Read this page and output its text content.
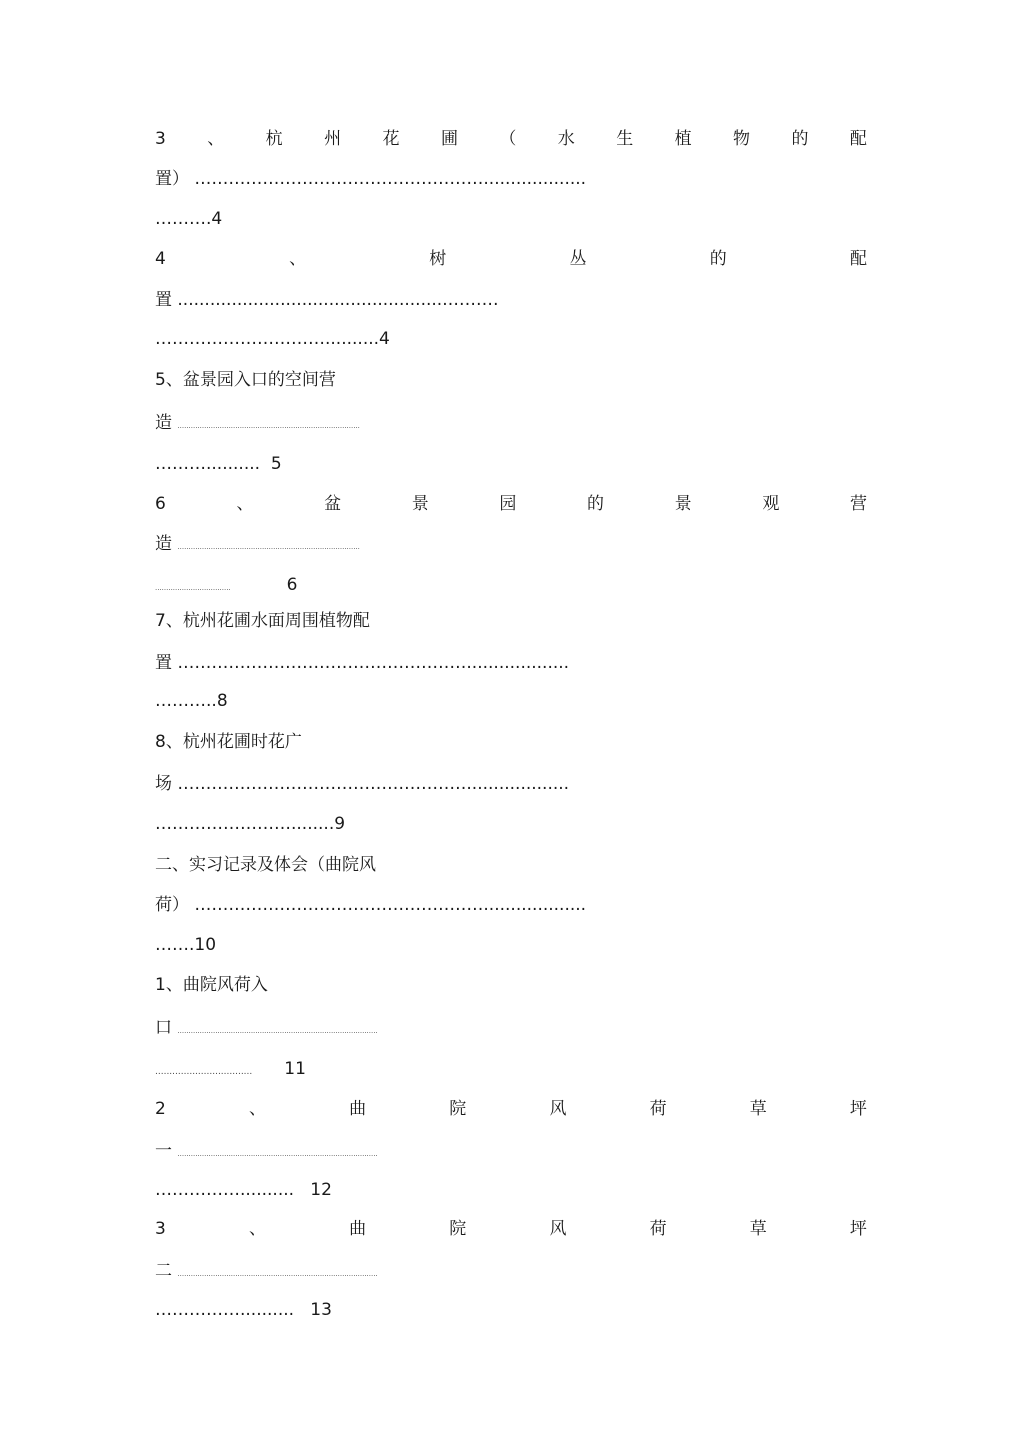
3 、 杭 州 花 圃 （ 水 生 植 物 的 配
置） ……………………………………………...................
……….4
4	、	树	丛	的	配
置 ..................................................………
…………………………..........4
5、盆景园入口的空间营
造 ..................................................................................
……….......... 5
6	、	盆	景	园	的	景	观	营
造 ..................................................................................
..................................	6
7、杭州花圃水面周围植物配
置 ……………………………………………...................
………..8
8、杭州花圃时花广
场 ……………………………………………...................
……………………........9
二、实习记录及体会（曲院风
荷） ……………………………………………...................
…….10
1、曲院风荷入
口 ..........................................................................................
.................................. 11
2	、	曲	院	风	荷	草	坪
一 ..........................................................................................
…………….......... 12
3	、	曲	院	风	荷	草	坪
二 ..........................................................................................
…………….......... 13
